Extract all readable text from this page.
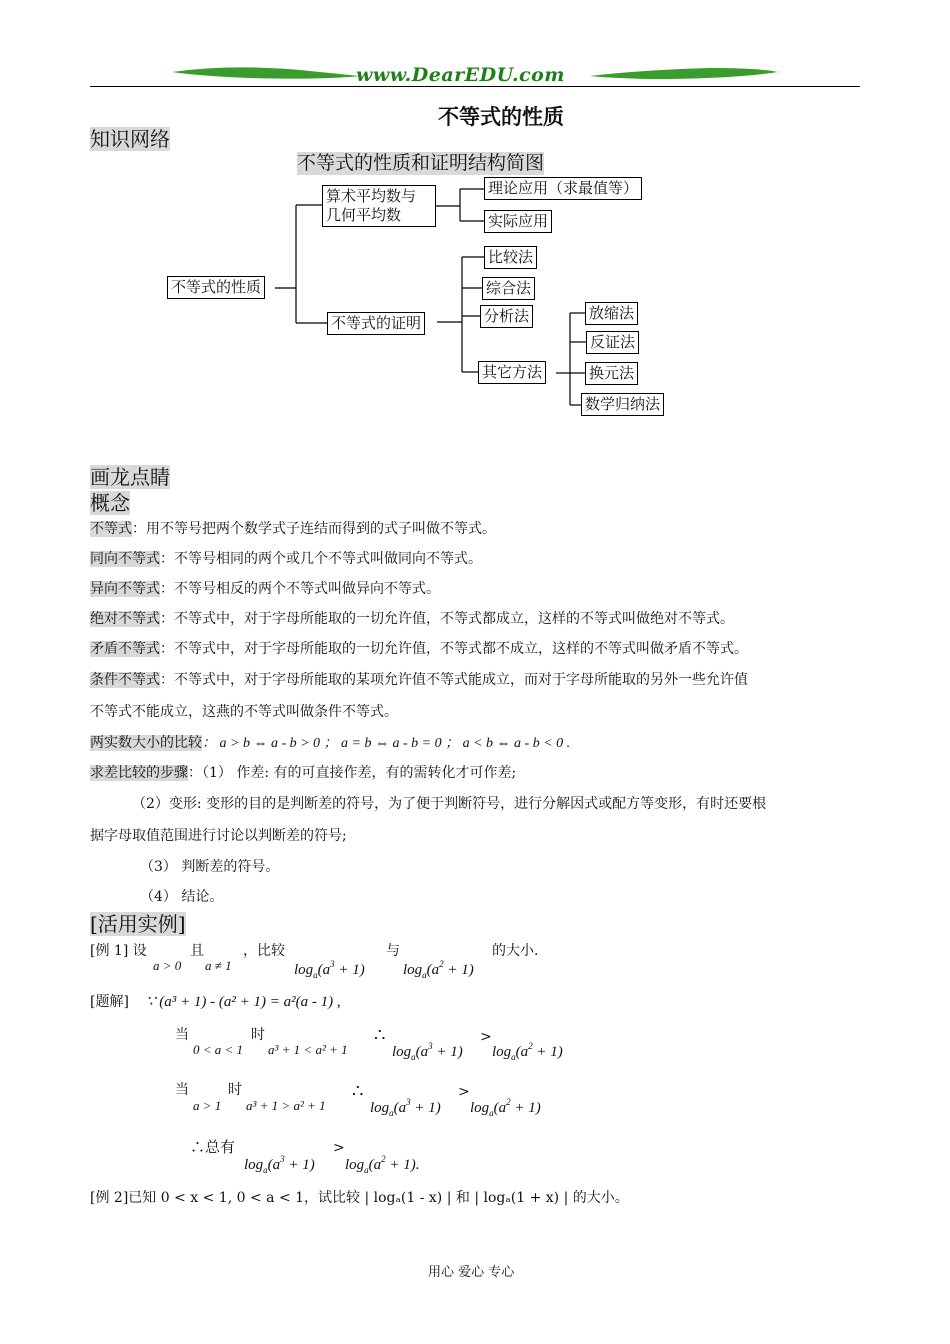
www.DearEDU.com
不等式的性质
知识网络
不等式的性质和证明结构简图
不等式的性质
算术平均数与
几何平均数
不等式的证明
理论应用（求最值等）
实际应用
比较法
综合法
分析法
其它方法
放缩法
反证法
换元法
数学归纳法
画龙点睛
概念
不等式：用不等号把两个数学式子连结而得到的式子叫做不等式。
同向不等式：不等号相同的两个或几个不等式叫做同向不等式。
异向不等式：不等号相反的两个不等式叫做异向不等式。
绝对不等式：不等式中，对于字母所能取的一切允许值，不等式都成立，这样的不等式叫做绝对不等式。
矛盾不等式：不等式中，对于字母所能取的一切允许值，不等式都不成立，这样的不等式叫做矛盾不等式。
条件不等式：不等式中，对于字母所能取的某项允许值不等式能成立，而对于字母所能取的另外一些允许值
不等式不能成立，这燕的不等式叫做条件不等式。
两实数大小的比较： a > b ⇔ a - b > 0 ； a = b ⇔ a - b = 0 ； a < b ⇔ a - b < 0 .
求差比较的步骤：（1） 作差: 有的可直接作差，有的需转化才可作差;
（2）变形: 变形的目的是判断差的符号，为了便于判断符号，进行分解因式或配方等变形，有时还要根
据字母取值范围进行讨论以判断差的符号;
（3） 判断差的符号。
（4） 结论。
[活用实例]
[例 1] 设
a > 0
且
a ≠ 1
，比较
$\log_a(a^3 + 1)$
与
$\log_a(a^2 + 1)$
的大小.
[题解] ∵ (a³ + 1) - (a² + 1) = a²(a - 1) ,
当
0 < a < 1
时
a³ + 1 < a² + 1
∴
$\log_a(a^3 + 1)$
>
$\log_a(a^2 + 1)$
当
a > 1
时
a³ + 1 > a² + 1
∴
$\log_a(a^3 + 1)$
>
$\log_a(a^2 + 1)$
∴总有
$\log_a(a^3 + 1)$
>
$\log_a(a^2 + 1)$.
[例 2]已知 0 < x < 1, 0 < a < 1，试比较 | logₐ(1 - x) | 和 | logₐ(1 + x) | 的大小。
用心 爱心 专心
